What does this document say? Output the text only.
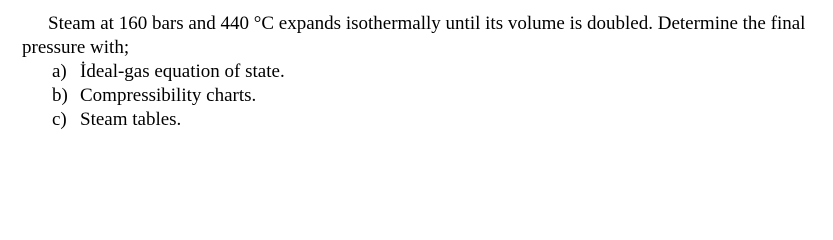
Steam at 160 bars and 440 °C expands isothermally until its volume is doubled. Determine the final pressure with;

a) İdeal-gas equation of state.
b) Compressibility charts.
c) Steam tables.
